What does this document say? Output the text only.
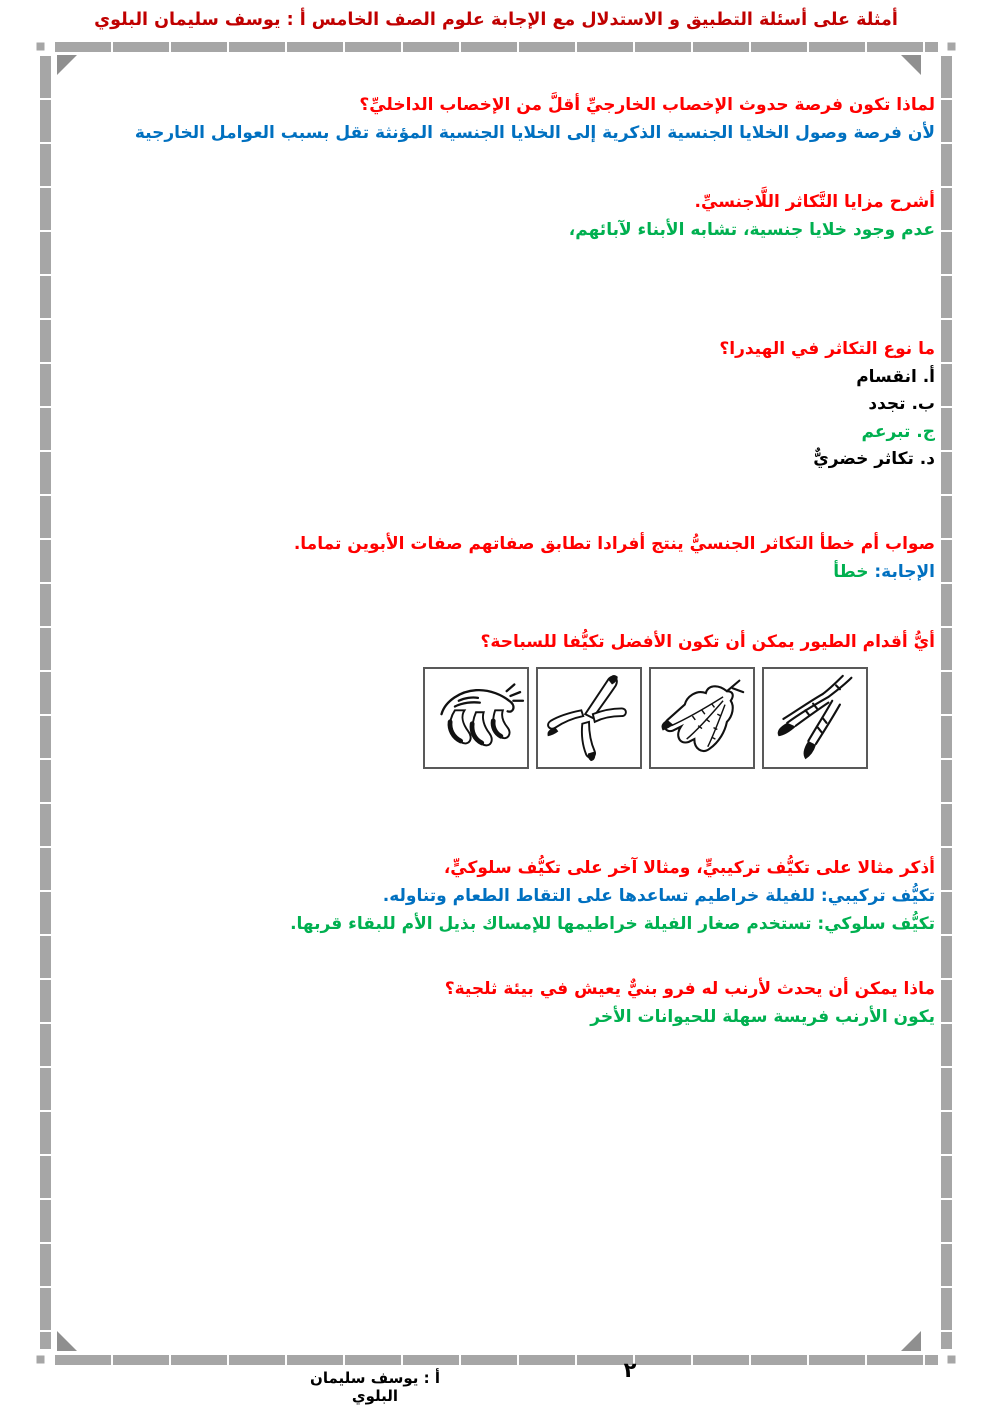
أمثلة على أسئلة التطبيق و الاستدلال مع الإجابة علوم الصف الخامس أ : يوسف سليمان البلوي
لماذا تكون فرصة حدوث الإخصاب الخارجيِّ أقلَّ من الإخصاب الداخليِّ؟
لأن فرصة وصول الخلايا الجنسية الذكرية إلى الخلايا الجنسية المؤنثة تقل بسبب العوامل الخارجية
أشرح مزايا التَّكاثر اللَّاجنسيِّ.
عدم وجود خلايا جنسية، تشابه الأبناء لآبائهم،
ما نوع التكاثر في الهيدرا؟
أ. انقسام
ب. تجدد
ج. تبرعم
د. تكاثر خضريٌّ
صواب أم خطأ التكاثر الجنسيُّ ينتج أفرادا تطابق صفاتهم صفات الأبوين تماما.
الإجابة: خطأ
أيُّ أقدام الطيور يمكن أن تكون الأفضل تكيُّفا للسباحة؟
أذكر مثالا على تكيُّف تركيبيٍّ، ومثالا آخر على تكيُّف سلوكيٍّ،
تكيُّف تركيبي: للفيلة خراطيم تساعدها على التقاط الطعام وتناوله.
تكيُّف سلوكي: تستخدم صغار الفيلة خراطيمها للإمساك بذيل الأم للبقاء قربها.
ماذا يمكن أن يحدث لأرنب له فرو بنيٌّ يعيش في بيئة ثلجية؟
يكون الأرنب فريسة سهلة للحيوانات الأخر
أ : يوسف سليمان البلوي
٢
